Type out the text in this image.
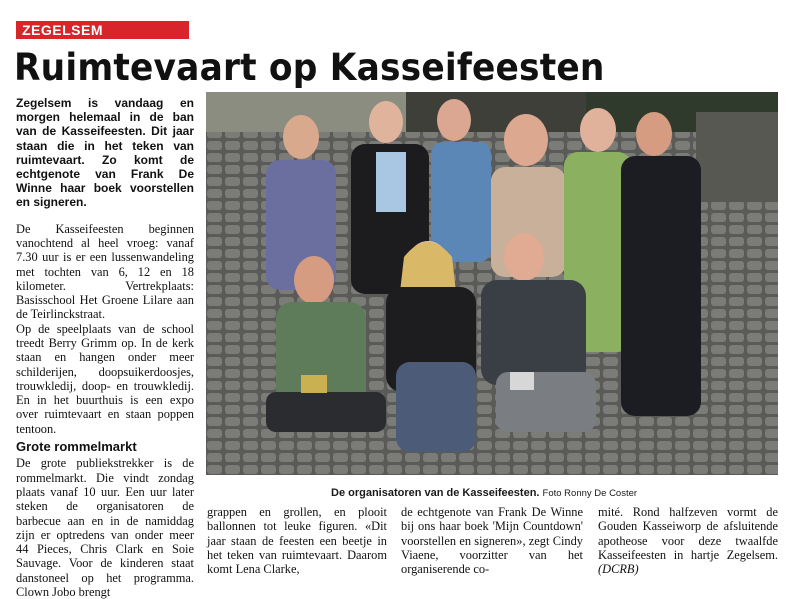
ZEGELSEM
Ruimtevaart op Kasseifeesten

Zegelsem is vandaag en morgen helemaal in de ban van de Kasseifeesten. Dit jaar staan die in het teken van ruimtevaart. Zo komt de echtgenote van Frank De Winne haar boek voorstellen en signeren.

De Kasseifeesten beginnen vanochtend al heel vroeg: vanaf 7.30 uur is er een lussenwandeling met tochten van 6, 12 en 18 kilometer. Vertrekplaats: Basisschool Het Groene Lilare aan de Teirlinckstraat.

Op de speelplaats van de school treedt Berry Grimm op. In de kerk staan en hangen onder meer schilderijen, doopsuikerdoosjes, trouwkledij, doop- en trouwkledij. En in het buurthuis is een expo over ruimtevaart en staan poppen tentoon.

Grote rommelmarkt

De grote publiekstrekker is de rommelmarkt. Die vindt zondag plaats vanaf 10 uur. Een uur later steken de organisatoren de barbecue aan en in de namiddag zijn er optredens van onder meer 44 Pieces, Chris Clark en Soie Sauvage. Voor de kinderen staat danstoneel op het programma. Clown Jobo brengt

De organisatoren van de Kasseifeesten. Foto Ronny De Coster

grappen en grollen, en plooit ballonnen tot leuke figuren. «Dit jaar staan de feesten een beetje in het teken van ruimtevaart. Daarom komt Lena Clarke,

de echtgenote van Frank De Winne bij ons haar boek 'Mijn Countdown' voorstellen en signeren», zegt Cindy Viaene, voorzitter van het organiserende co-

mité. Rond halfzeven vormt de Gouden Kasseiworp de afsluitende apotheose voor deze twaalfde Kasseifeesten in hartje Zegelsem. (DCRB)
